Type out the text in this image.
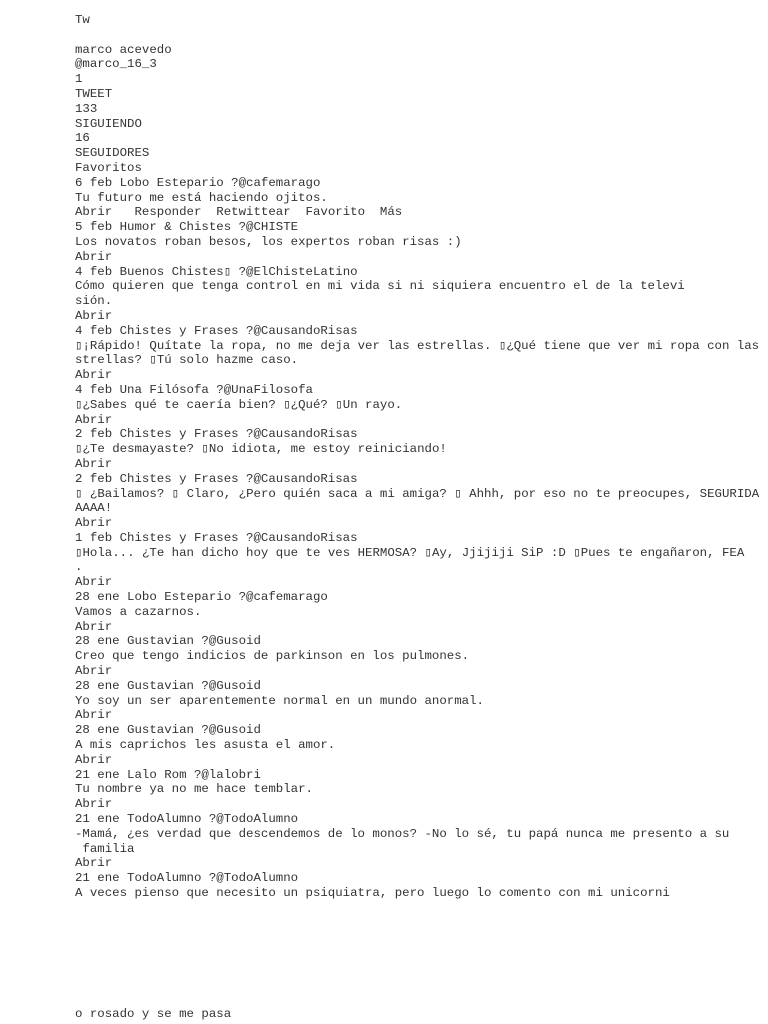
Tw
marco acevedo
@marco_16_3
1
TWEET
133
SIGUIENDO
16
SEGUIDORES
Favoritos
6 feb Lobo Estepario ?@cafemarago
Tu futuro me está haciendo ojitos.
Abrir Responder Retwittear Favorito Más
5 feb Humor & Chistes ?@CHISTE
Los novatos roban besos, los expertos roban risas :)
Abrir
4 feb Buenos Chistes▯ ?@ElChisteLatino
Cómo quieren que tenga control en mi vida si ni siquiera encuentro el de la televi
sión.
Abrir
4 feb Chistes y Frases ?@CausandoRisas
▯¡Rápido! Quítate la ropa, no me deja ver las estrellas. ▯¿Qué tiene que ver mi ropa con las
strellas? ▯Tú solo hazme caso.
Abrir
4 feb Una Filósofa ?@UnaFilosofa
▯¿Sabes qué te caería bien? ▯¿Qué? ▯Un rayo.
Abrir
2 feb Chistes y Frases ?@CausandoRisas
▯¿Te desmayaste? ▯No idiota, me estoy reiniciando!
Abrir
2 feb Chistes y Frases ?@CausandoRisas
▯ ¿Bailamos? ▯ Claro, ¿Pero quién saca a mi amiga? ▯ Ahhh, por eso no te preocupes, SEGURIDA
AAAA!
Abrir
1 feb Chistes y Frases ?@CausandoRisas
▯Hola... ¿Te han dicho hoy que te ves HERMOSA? ▯Ay, Jjijiji SiP :D ▯Pues te engañaron, FEA
.
Abrir
28 ene Lobo Estepario ?@cafemarago
Vamos a cazarnos.
Abrir
28 ene Gustavian ?@Gusoid
Creo que tengo indicios de parkinson en los pulmones.
Abrir
28 ene Gustavian ?@Gusoid
Yo soy un ser aparentemente normal en un mundo anormal.
Abrir
28 ene Gustavian ?@Gusoid
A mis caprichos les asusta el amor.
Abrir
21 ene Lalo Rom ?@lalobri
Tu nombre ya no me hace temblar.
Abrir
21 ene TodoAlumno ?@TodoAlumno
-Mamá, ¿es verdad que descendemos de lo monos? -No lo sé, tu papá nunca me presento a su
familia
Abrir
21 ene TodoAlumno ?@TodoAlumno
A veces pienso que necesito un psiquiatra, pero luego lo comento con mi unicorni
o rosado y se me pasa
